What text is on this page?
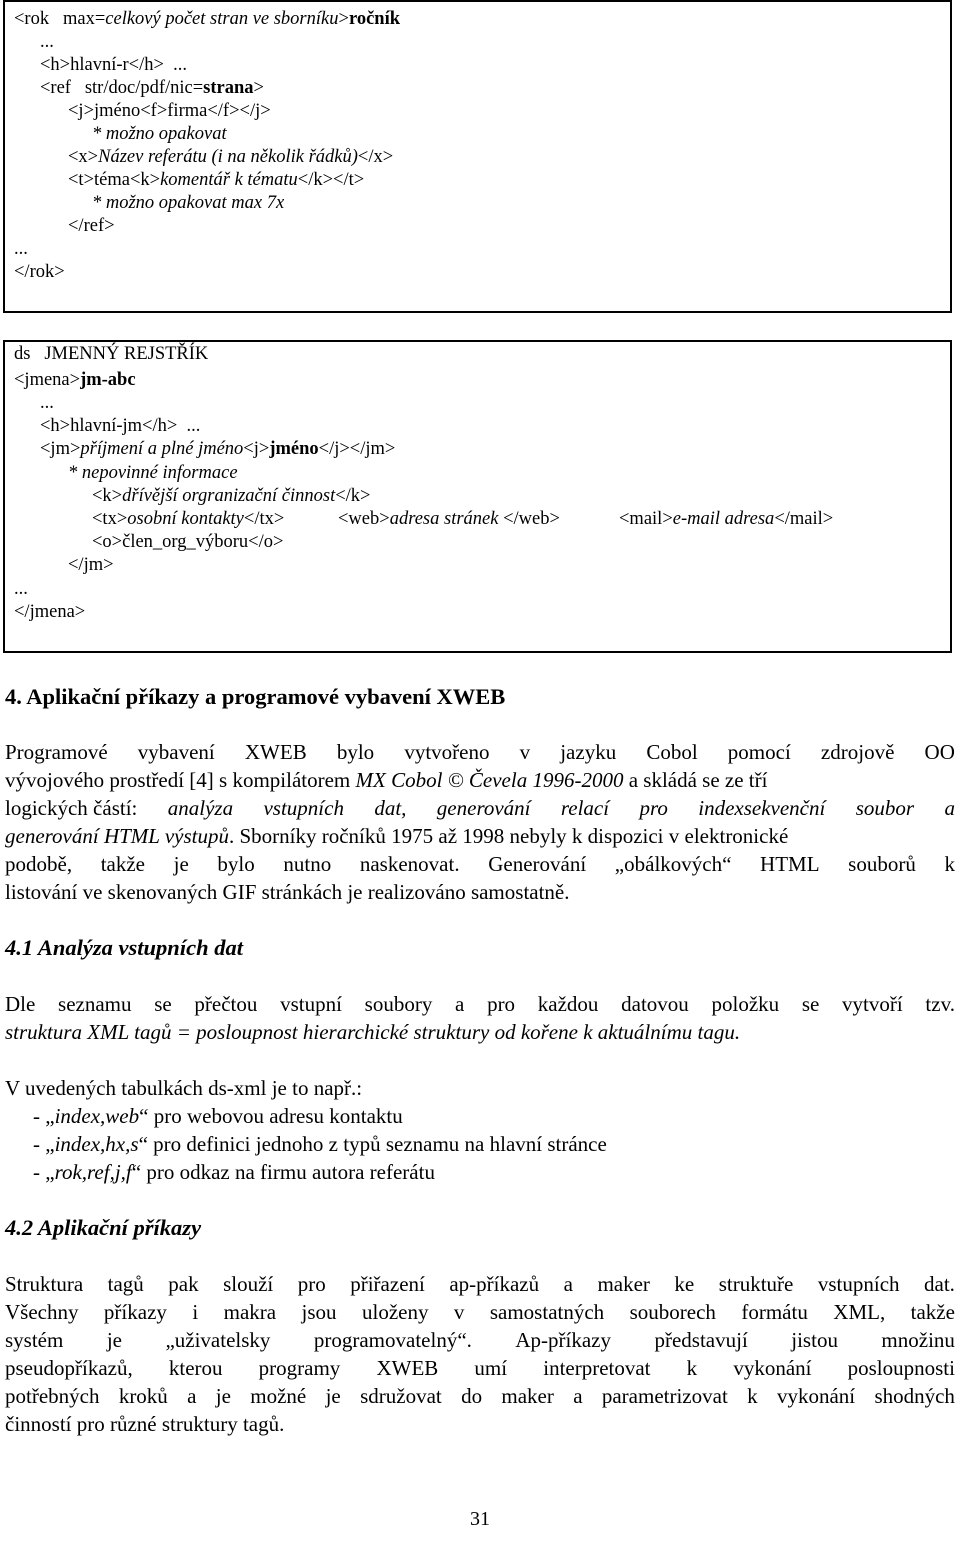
<rok   max=celkový počet stran ve sborníku>ročník
...
<h>hlavní-r</h>  ...
<ref   str/doc/pdf/nic=strana>
<j>jméno<f>firma</f></j>
* možno opakovat
<x>Název referátu (i na několik řádků)</x>
<t>téma<k>komentář k tématu</k></t>
* možno opakovat max 7x
</ref>
...
</rok>
ds   JMENNÝ REJSTŘÍK
<jmena>jm-abc
...
<h>hlavní-jm</h>  ...
<jm>příjmení a plné jméno<j>jméno</j></jm>
* nepovinné informace
<k>dřívější orgranizační činnost</k>
<tx>osobní kontakty</tx>	<web>adresa stránek </web>	<mail>e-mail adresa</mail>
<o>člen_org_výboru</o>
</jm>
...
</jmena>
4. Aplikační příkazy a programové vybavení XWEB
Programové vybavení XWEB bylo vytvořeno v jazyku Cobol pomocí zdrojově OO
vývojového prostředí [4] s kompilátorem MX Cobol © Čevela 1996-2000 a skládá se ze tří
logických částí: analýza vstupních dat, generování relací pro indexsekvenční soubor a
generování HTML výstupů. Sborníky ročníků 1975 až 1998 nebyly k dispozici v elektronické
podobě, takže je bylo nutno naskenovat. Generování „obálkových“ HTML souborů k
listování ve skenovaných GIF stránkách je realizováno samostatně.
4.1 Analýza vstupních dat
Dle seznamu se přečtou vstupní soubory a pro každou datovou položku se vytvoří tzv.
struktura XML tagů = posloupnost hierarchické struktury od kořene k aktuálnímu tagu.
V uvedených tabulkách ds-xml je to např.:
- „index,web“ pro webovou adresu kontaktu
- „index,hx,s“ pro definici jednoho z typů seznamu na hlavní stránce
- „rok,ref,j,f“ pro odkaz na firmu autora referátu
4.2 Aplikační příkazy
Struktura tagů pak slouží pro přiřazení ap-příkazů a maker ke struktuře vstupních dat.
Všechny příkazy i makra jsou uloženy v samostatných souborech formátu XML, takže
systém je „uživatelsky programovatelný“. Ap-příkazy představují jistou množinu
pseudopříkazů, kterou programy XWEB umí interpretovat k vykonání posloupnosti
potřebných kroků a je možné je sdružovat do maker a parametrizovat k vykonání shodných
činností pro různé struktury tagů.
31
